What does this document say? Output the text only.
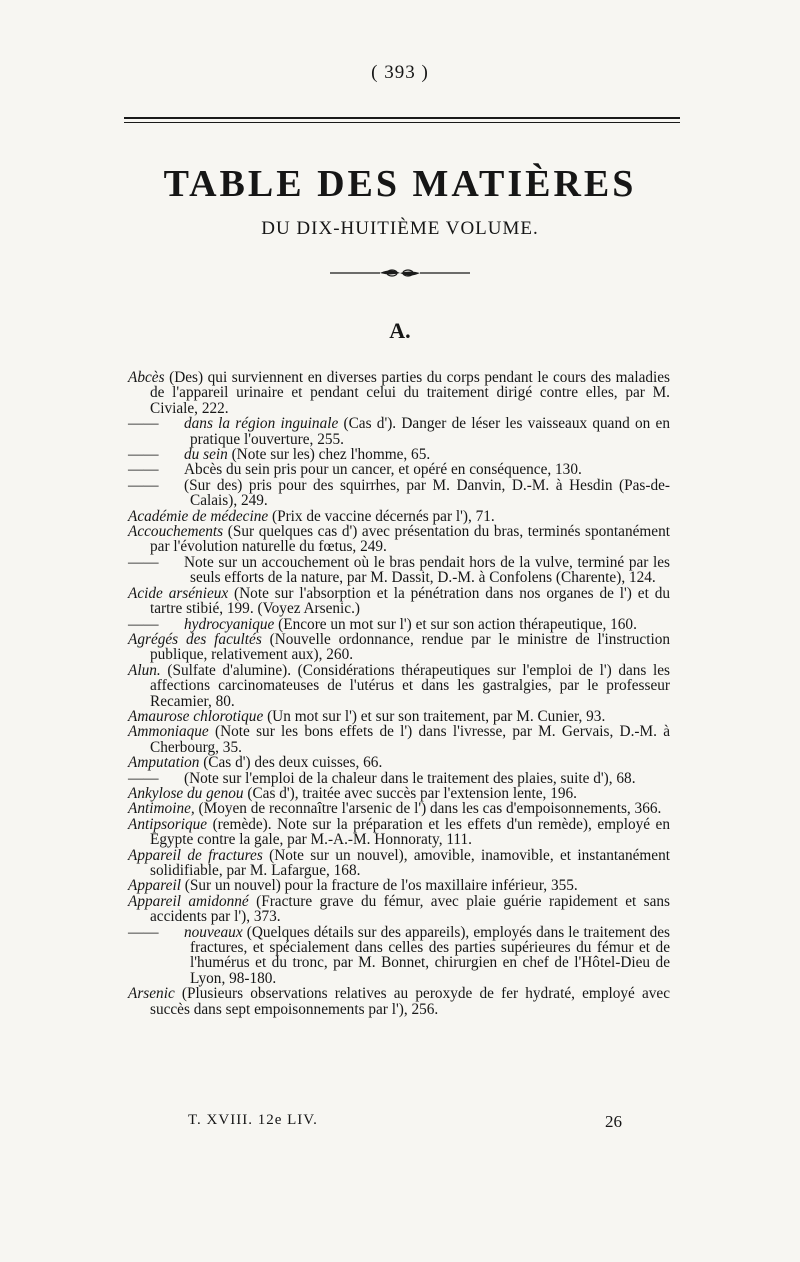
( 393 )
TABLE DES MATIÈRES
DU DIX-HUITIÈME VOLUME.
A.

Abcès (Des) qui surviennent en diverses parties du corps pendant le cours des maladies de l'appareil urinaire et pendant celui du traitement dirigé contre elles, par M. Civiale, 222.

—— dans la région inguinale (Cas d'). Danger de léser les vaisseaux quand on en pratique l'ouverture, 255.

—— du sein (Note sur les) chez l'homme, 65.

—— Abcès du sein pris pour un cancer, et opéré en conséquence, 130.

—— (Sur des) pris pour des squirrhes, par M. Danvin, D.-M. à Hesdin (Pas-de-Calais), 249.

Académie de médecine (Prix de vaccine décernés par l'), 71.

Accouchements (Sur quelques cas d') avec présentation du bras, terminés spontanément par l'évolution naturelle du fœtus, 249.

—— Note sur un accouchement où le bras pendait hors de la vulve, terminé par les seuls efforts de la nature, par M. Dassit, D.-M. à Confolens (Charente), 124.

Acide arsénieux (Note sur l'absorption et la pénétration dans nos organes de l') et du tartre stibié, 199. (Voyez Arsenic.)

—— hydrocyanique (Encore un mot sur l') et sur son action thérapeutique, 160.

Agrégés des facultés (Nouvelle ordonnance, rendue par le ministre de l'instruction publique, relativement aux), 260.

Alun. (Sulfate d'alumine). (Considérations thérapeutiques sur l'emploi de l') dans les affections carcinomateuses de l'utérus et dans les gastralgies, par le professeur Recamier, 80.

Amaurose chlorotique (Un mot sur l') et sur son traitement, par M. Cunier, 93.

Ammoniaque (Note sur les bons effets de l') dans l'ivresse, par M. Gervais, D.-M. à Cherbourg, 35.

Amputation (Cas d') des deux cuisses, 66.

—— (Note sur l'emploi de la chaleur dans le traitement des plaies, suite d'), 68.

Ankylose du genou (Cas d'), traitée avec succès par l'extension lente, 196.

Antimoine, (Moyen de reconnaître l'arsenic de l') dans les cas d'empoisonnements, 366.

Antipsorique (remède). Note sur la préparation et les effets d'un remède), employé en Egypte contre la gale, par M.-A.-M. Honnoraty, 111.

Appareil de fractures (Note sur un nouvel), amovible, inamovible, et instantanément solidifiable, par M. Lafargue, 168.

Appareil (Sur un nouvel) pour la fracture de l'os maxillaire inférieur, 355.

Appareil amidonné (Fracture grave du fémur, avec plaie guérie rapidement et sans accidents par l'), 373.

—— nouveaux (Quelques détails sur des appareils), employés dans le traitement des fractures, et spécialement dans celles des parties supérieures du fémur et de l'humérus et du tronc, par M. Bonnet, chirurgien en chef de l'Hôtel-Dieu de Lyon, 98-180.

Arsenic (Plusieurs observations relatives au peroxyde de fer hydraté, employé avec succès dans sept empoisonnements par l'), 256.

T. XVIII. 12e LIV.	26
